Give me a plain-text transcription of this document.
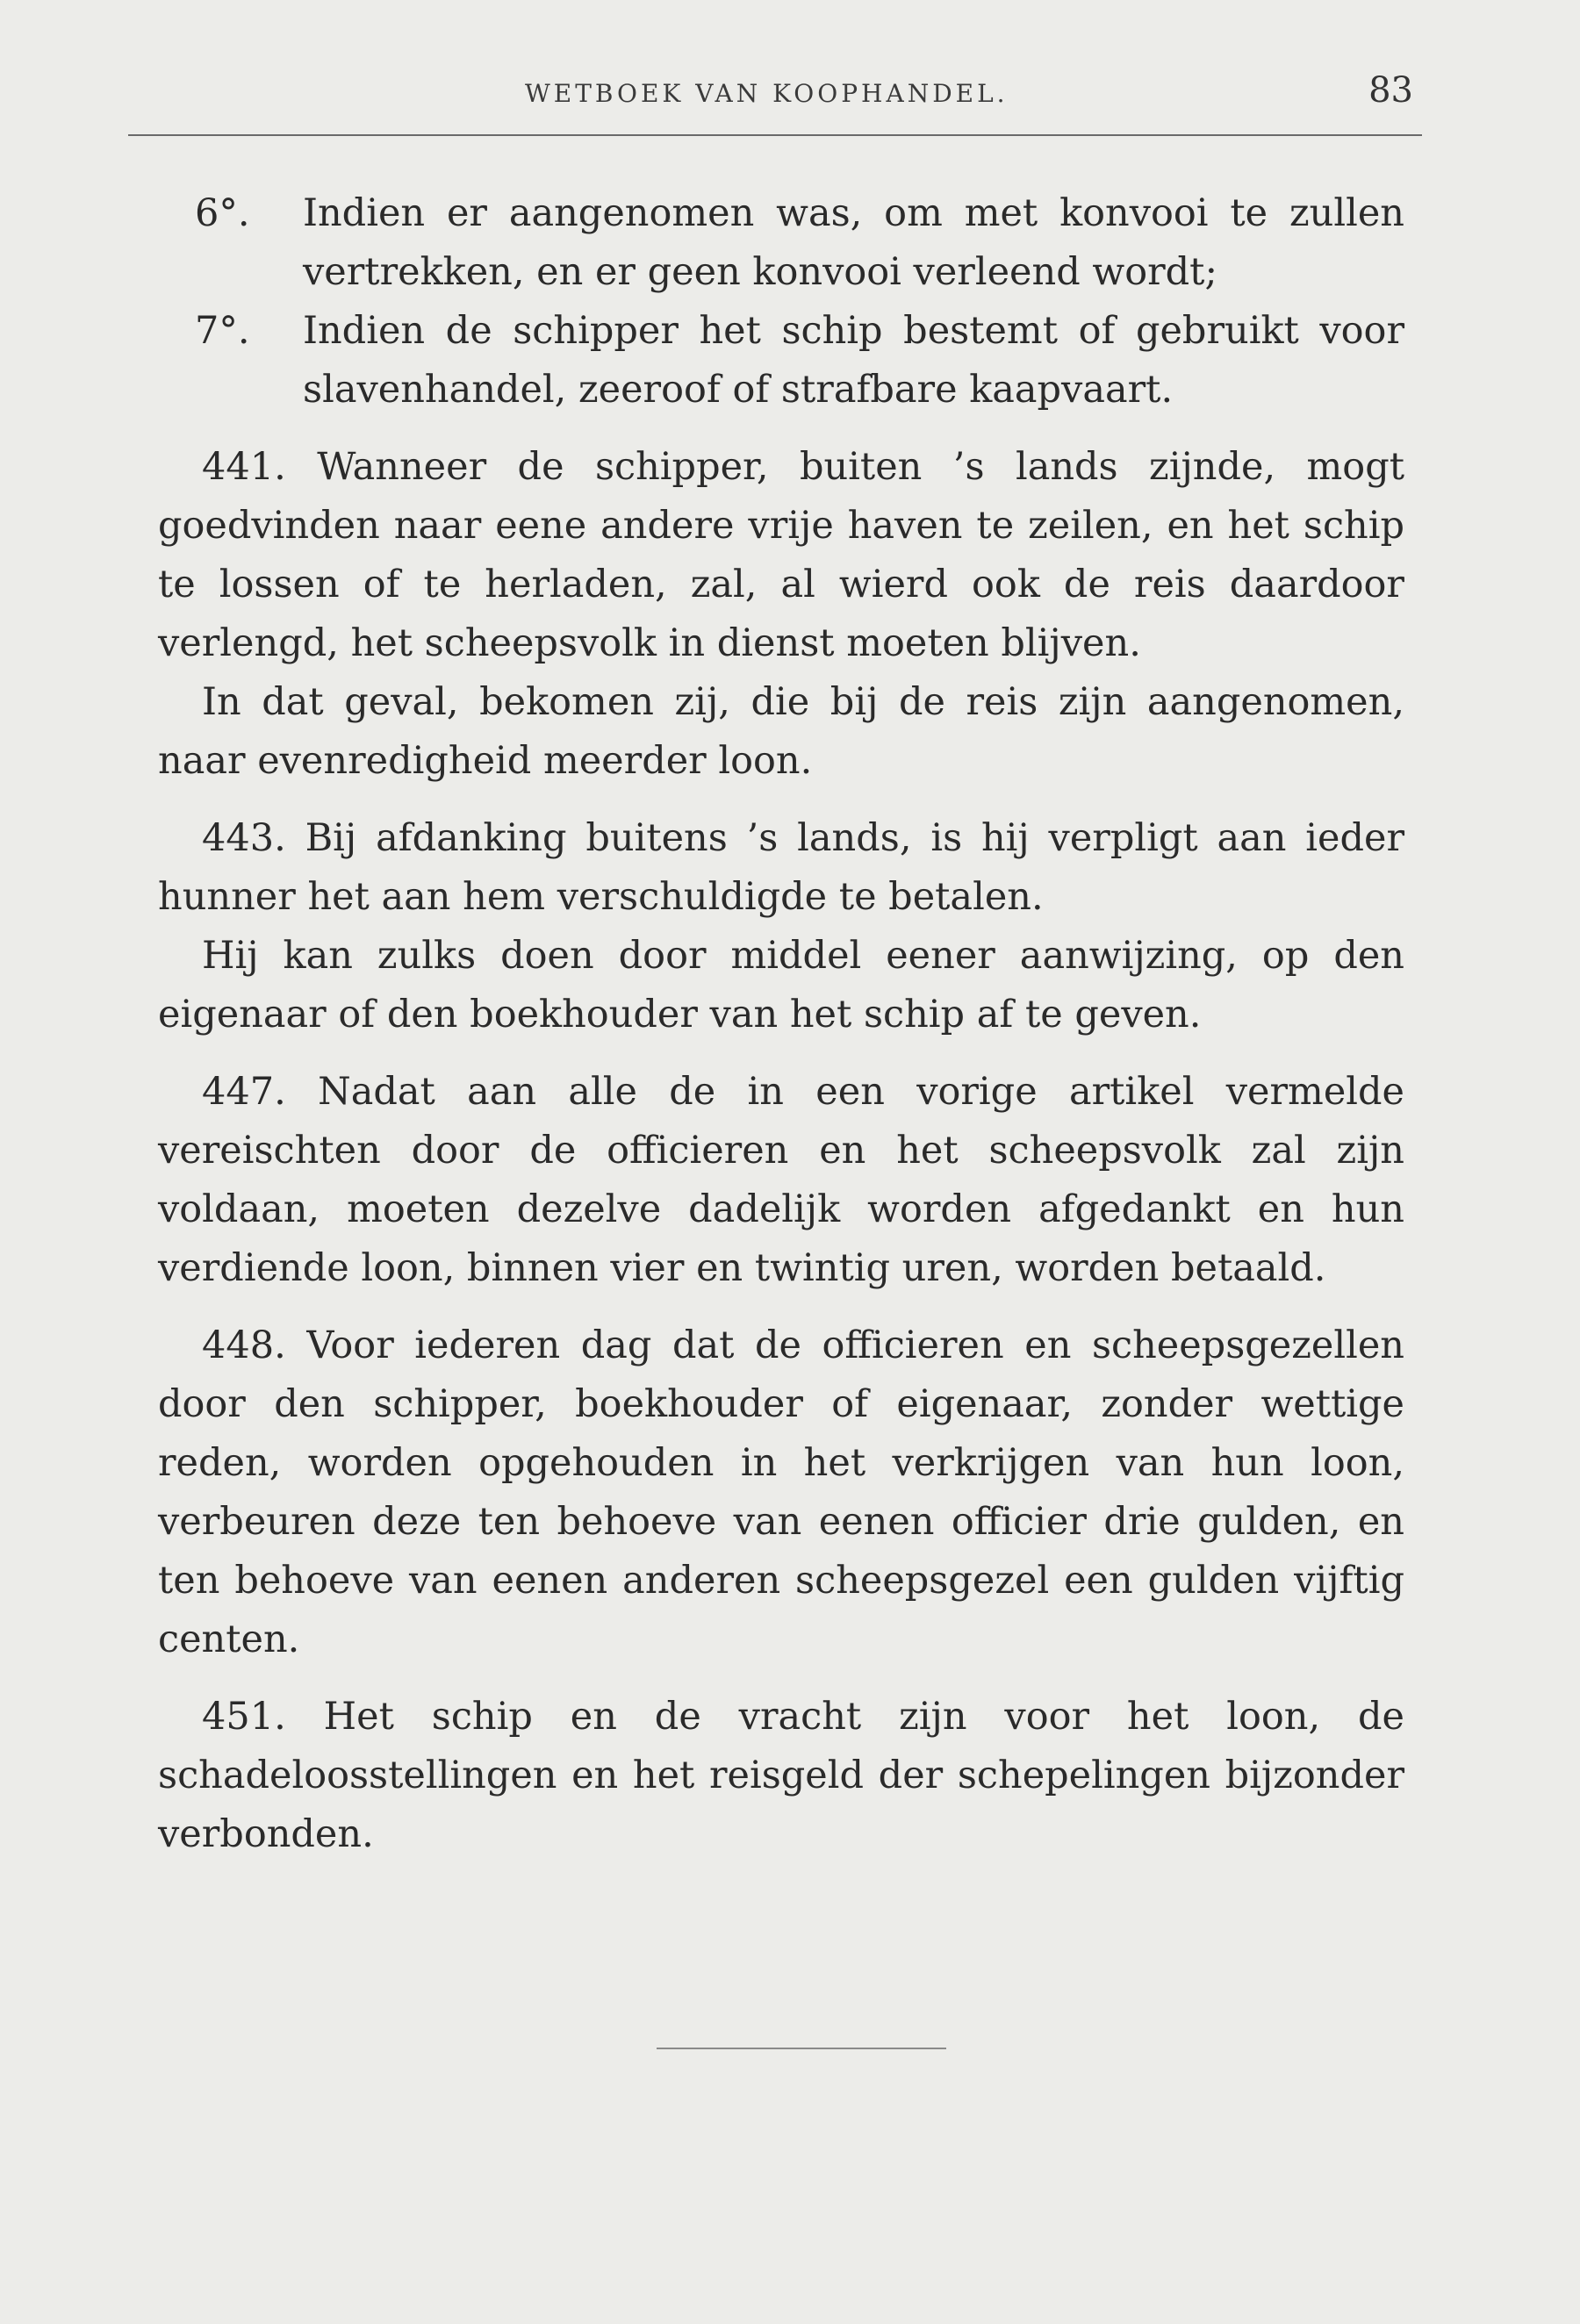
WETBOEK VAN KOOPHANDEL.	83
6°. Indien er aangenomen was, om met konvooi te zullen vertrekken, en er geen konvooi verleend wordt;
7°. Indien de schipper het schip bestemt of gebruikt voor slavenhandel, zeeroof of strafbare kaapvaart.

441. Wanneer de schipper, buiten ’s lands zijnde, mogt goedvinden naar eene andere vrije haven te zeilen, en het schip te lossen of te herladen, zal, al wierd ook de reis daardoor verlengd, het scheepsvolk in dienst moeten blijven.

In dat geval, bekomen zij, die bij de reis zijn aangenomen, naar evenredigheid meerder loon.

443. Bij afdanking buitens ’s lands, is hij verpligt aan ieder hunner het aan hem verschuldigde te betalen.

Hij kan zulks doen door middel eener aanwijzing, op den eigenaar of den boekhouder van het schip af te geven.

447. Nadat aan alle de in een vorige artikel vermelde vereischten door de officieren en het scheepsvolk zal zijn voldaan, moeten dezelve dadelijk worden afgedankt en hun verdiende loon, binnen vier en twintig uren, worden betaald.

448. Voor iederen dag dat de officieren en scheepsgezellen door den schipper, boekhouder of eigenaar, zonder wettige reden, worden opgehouden in het verkrijgen van hun loon, verbeuren deze ten behoeve van eenen officier drie gulden, en ten behoeve van eenen anderen scheepsgezel een gulden vijftig centen.

451. Het schip en de vracht zijn voor het loon, de schadeloosstellingen en het reisgeld der schepelingen bijzonder verbonden.
